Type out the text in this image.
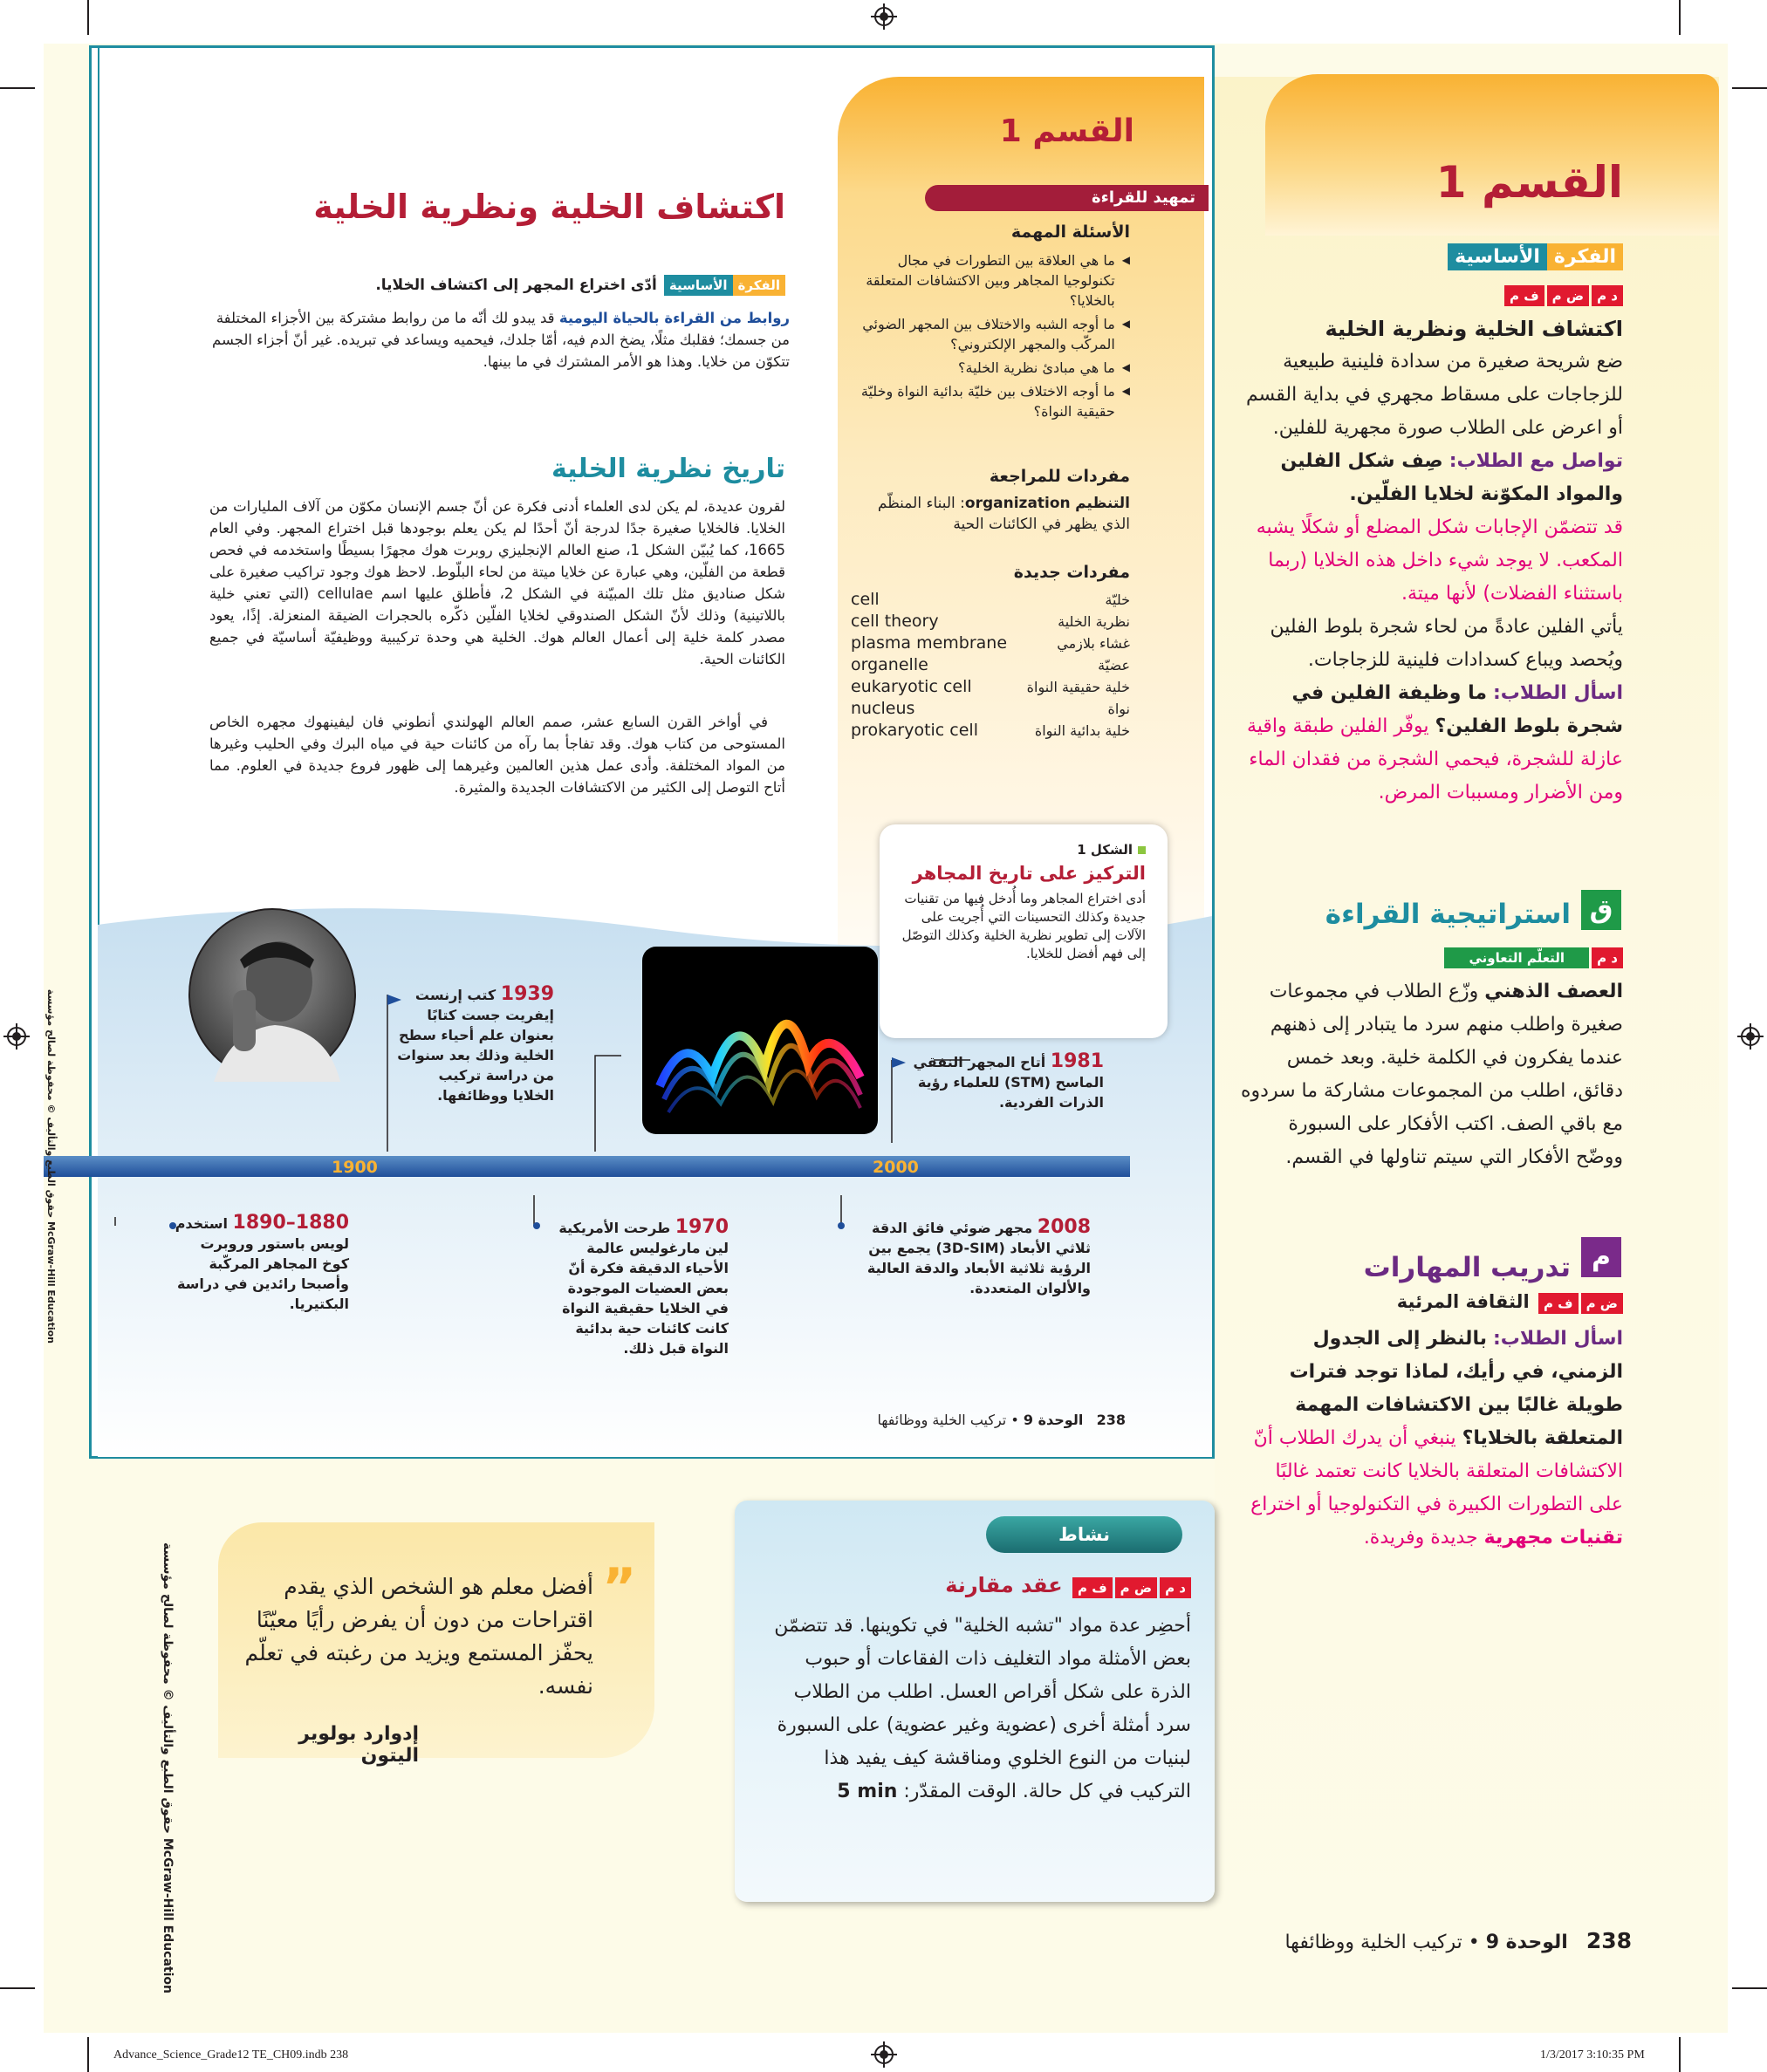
القسم 1
تمهيد للقراءة

الأسئلة المهمة

◀
ما هي العلاقة بين التطورات في مجال تكنولوجيا المجاهر وبين الاكتشافات المتعلقة بالخلايا؟
◀
ما أوجه الشبه والاختلاف بين المجهر الضوئي المركّب والمجهر الإلكتروني؟
◀
ما هي مبادئ نظرية الخلية؟
◀
ما أوجه الاختلاف بين خليّة بدائية النواة وخليّة حقيقية النواة؟

مفردات للمراجعة

التنظيم organization: البناء المنظّم الذي يظهر في الكائنات الحية

مفردات جديدة

cell	خليّة
cell theory	نظرية الخلية
plasma membrane	غشاء بلازمي
organelle	عضيّة
eukaryotic cell	خلية حقيقية النواة
nucleus	نواة
prokaryotic cell	خلية بدائية النواة
اكتشاف الخلية ونظرية الخلية
الفكرةالأساسيةأدّى اختراع المجهر إلى اكتشاف الخلايا.
روابط من القراءة بالحياة اليومية قد يبدو لك أنّه ما من روابط مشتركة بين الأجزاء المختلفة من جسمك؛ فقلبك مثلًا، يضخ الدم فيه، أمّا جلدك، فيحميه ويساعد في تبريده. غير أنّ أجزاء الجسم تتكوّن من خلايا. وهذا هو الأمر المشترك في ما بينها.
تاريخ نظرية الخلية
لقرون عديدة، لم يكن لدى العلماء أدنى فكرة عن أنّ جسم الإنسان مكوّن من آلاف المليارات من الخلايا. فالخلايا صغيرة جدًا لدرجة أنّ أحدًا لم يكن يعلم بوجودها قبل اختراع المجهر. وفي العام 1665، كما يُبيّن الشكل 1، صنع العالم الإنجليزي روبرت هوك مجهرًا بسيطًا واستخدمه في فحص قطعة من الفلّين، وهي عبارة عن خلايا ميتة من لحاء البلّوط. لاحظ هوك وجود تراكيب صغيرة على شكل صناديق مثل تلك المبيّنة في الشكل 2، فأطلق عليها اسم cellulae (التي تعني خلية باللاتينية) وذلك لأنّ الشكل الصندوقي لخلايا الفلّين ذكّره بالحجرات الضيقة المنعزلة. إذًا، يعود مصدر كلمة خلية إلى أعمال العالم هوك. الخلية هي وحدة تركيبية ووظيفيّة أساسيّة في جميع الكائنات الحية.
في أواخر القرن السابع عشر، صمم العالم الهولندي أنطوني فان ليفينهوك مجهره الخاص المستوحى من كتاب هوك. وقد تفاجأ بما رآه من كائنات حية في مياه البرك وفي الحليب وغيرها من المواد المختلفة. وأدى عمل هذين العالمين وغيرهما إلى ظهور فروع جديدة في العلوم. مما أتاح التوصل إلى الكثير من الاكتشافات الجديدة والمثيرة.
1900	2000

الشكل 1

التركيز على تاريخ المجاهر

أدى اختراع المجاهر وما أُدخل فيها من تقنيات جديدة وكذلك التحسينات التي أُجريت على الآلات إلى تطوير نظرية الخلية وكذلك التوصّل إلى فهم أفضل للخلايا.

1939 كتب إرنست إيفريت جست كتابًا بعنوان علم أحياء سطح الخلية وذلك بعد سنوات من دراسة تركيب الخلايا ووظائفها.
1981 أتاح المجهر النفقي الماسح (STM) للعلماء رؤية الذرات الفردية.
1880–1890 استخدم لويس باستور وروبرت كوخ المجاهر المركّبة وأصبحا رائدين في دراسة البكتيريا.
1970 طرحت الأمريكية لين مارغوليس عالمة الأحياء الدقيقة فكرة أنّ بعض العضيات الموجودة في الخلايا حقيقية النواة كانت كائنات حية بدائية النواة قبل ذلك.
2008 مجهر ضوئي فائق الدقة ثلاثي الأبعاد (3D-SIM) يجمع بين الرؤية ثلاثية الأبعاد والدقة العالية والألوان المتعددة.
McGraw-Hill Education حقوق الطبع والتأليف © محفوظة لصالح مؤسسة
238   الوحدة 9 • تركيب الخلية ووظائفها
القسم 1
الفكرةالأساسية
د مض مف م

اكتشاف الخلية ونظرية الخلية

ضع شريحة صغيرة من سدادة فلينية طبيعية للزجاجات على مسقاط مجهري في بداية القسم أو اعرض على الطلاب صورة مجهرية للفلين.

تواصل مع الطلاب: صِف شكل الفلين والمواد المكوّنة لخلايا الفلّين.

قد تتضمّن الإجابات شكل المضلع أو شكلًا يشبه المكعب. لا يوجد شيء داخل هذه الخلايا (ربما باستثناء الفضلات) لأنها ميتة.

يأتي الفلين عادةً من لحاء شجرة بلوط الفلين ويُحصد ويباع كسدادات فلينية للزجاجات.

اسأل الطلاب: ما وظيفة الفلين في شجرة بلوط الفلين؟ يوفّر الفلين طبقة واقية عازلة للشجرة، فيحمي الشجرة من فقدان الماء ومن الأضرار ومسببات المرض.

ق
استراتيجية القراءة
د مالتعلّم التعاوني
العصف الذهني وزّع الطلاب في مجموعات صغيرة واطلب منهم سرد ما يتبادر إلى ذهنهم عندما يفكرون في الكلمة خلية. وبعد خمس دقائق، اطلب من المجموعات مشاركة ما سردوه مع باقي الصف. اكتب الأفكار على السبورة ووضّح الأفكار التي سيتم تناولها في القسم.
م
تدريب المهارات
ض مف م الثقافة المرئية
اسأل الطلاب: بالنظر إلى الجدول الزمني، في رأيك، لماذا توجد فترات طويلة غالبًا بين الاكتشافات المهمة المتعلقة بالخلايا؟ ينبغي أن يدرك الطلاب أنّ الاكتشافات المتعلقة بالخلايا كانت تعتمد غالبًا على التطورات الكبيرة في التكنولوجيا أو اختراع تقنيات مجهرية جديدة وفريدة.
نشاط
د مض مف م عقد مقارنة
أحضِر عدة مواد "تشبه الخلية" في تكوينها. قد تتضمّن بعض الأمثلة مواد التغليف ذات الفقاعات أو حبوب الذرة على شكل أقراص العسل. اطلب من الطلاب سرد أمثلة أخرى (عضوية وغير عضوية) على السبورة لبنيات من النوع الخلوي ومناقشة كيف يفيد هذا التركيب في كل حالة. الوقت المقدّر: 5 min
”
أفضل معلم هو الشخص الذي يقدم اقتراحات من دون أن يفرض رأيًا معيّنًا يحفّز المستمع ويزيد من رغبته في تعلّم نفسه.
إدوارد بولوير اليتون
McGraw-Hill Education حقوق الطبع والتأليف © محفوظة لصالح مؤسسة	238   الوحدة 9 • تركيب الخلية ووظائفها
Advance_Science_Grade12 TE_CH09.indb 238	1/3/2017 3:10:35 PM
